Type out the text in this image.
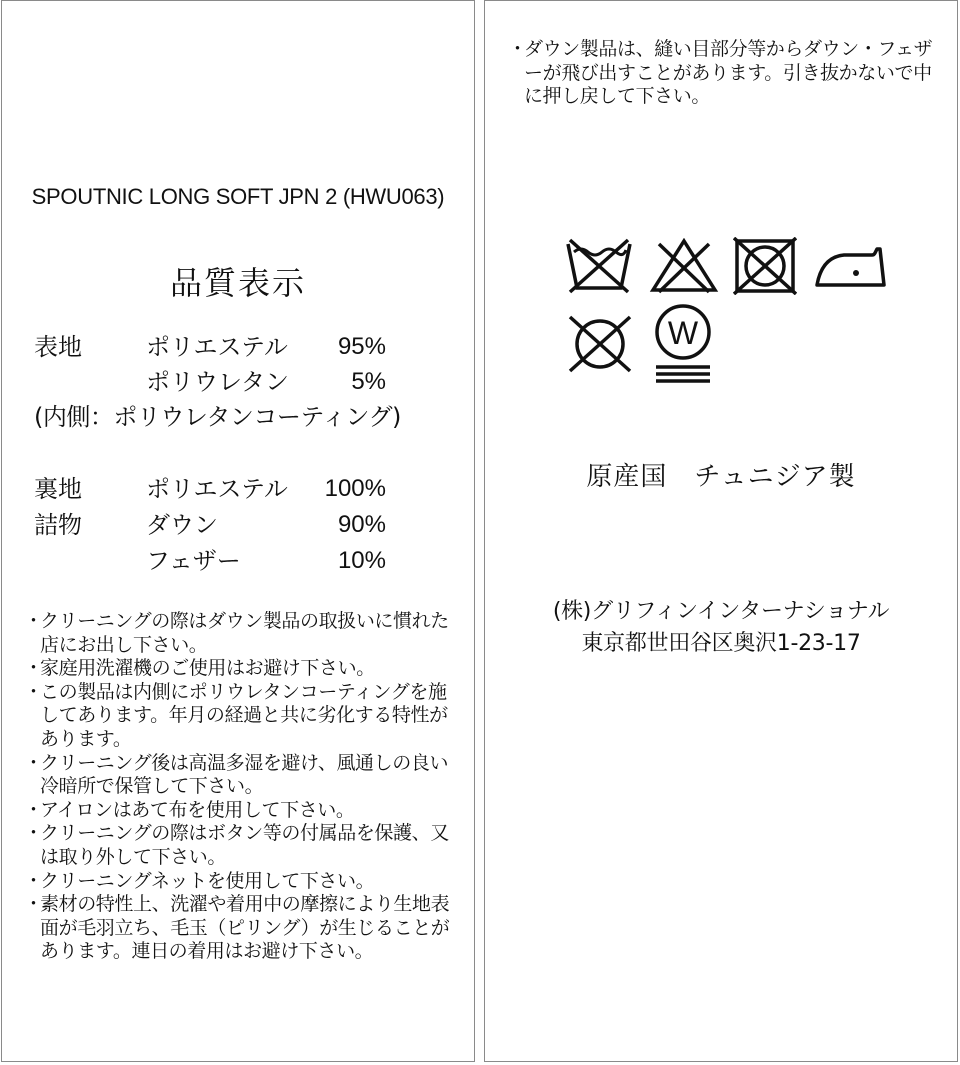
SPOUTNIC LONG SOFT JPN 2 (HWU063)
品質表示
表地	ポリエステル	95%
ポリウレタン	5%
(内側：ポリウレタンコーティング)
裏地	ポリエステル	100%
詰物	ダウン	90%
フェザー	10%
・
クリーニングの際はダウン製品の取扱いに慣れた店にお出し下さい。
・
家庭用洗濯機のご使用はお避け下さい。
・
この製品は内側にポリウレタンコーティングを施してあります。年月の経過と共に劣化する特性があります。
・
クリーニング後は高温多湿を避け、風通しの良い冷暗所で保管して下さい。
・
アイロンはあて布を使用して下さい。
・
クリーニングの際はボタン等の付属品を保護、又は取り外して下さい。
・
クリーニングネットを使用して下さい。
・
素材の特性上、洗濯や着用中の摩擦により生地表面が毛羽立ち、毛玉（ピリング）が生じることがあります。連日の着用はお避け下さい。
・
ダウン製品は、縫い目部分等からダウン・フェザーが飛び出すことがあります。引き抜かないで中に押し戻して下さい。
W
原産国　チュニジア製
(株)グリフィンインターナショナル
東京都世田谷区奥沢1-23-17
